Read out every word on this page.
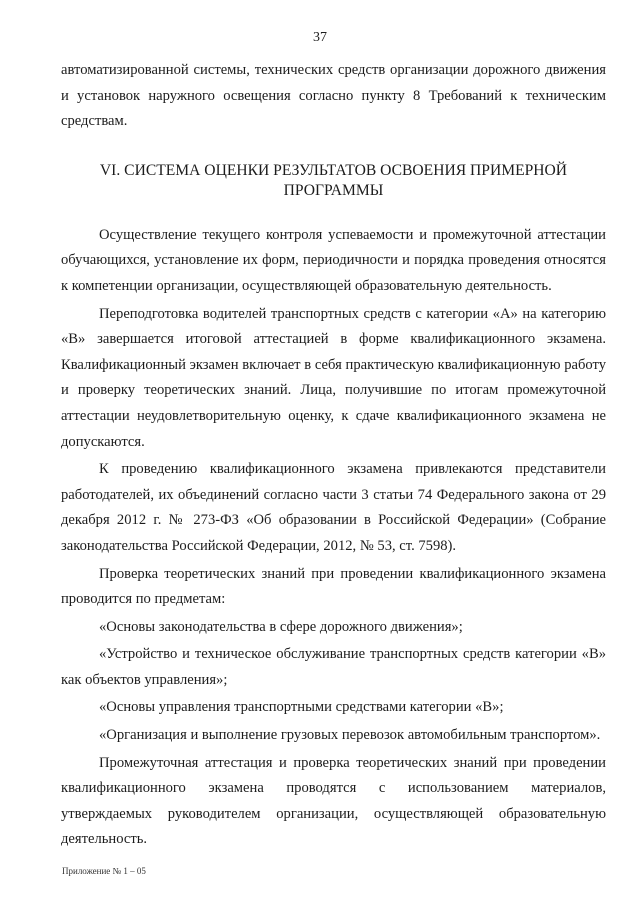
37

автоматизированной системы, технических средств организации дорожного движения и установок наружного освещения согласно пункту 8 Требований к техническим средствам.

VI. СИСТЕМА ОЦЕНКИ РЕЗУЛЬТАТОВ ОСВОЕНИЯ ПРИМЕРНОЙ ПРОГРАММЫ

Осуществление текущего контроля успеваемости и промежуточной аттестации обучающихся, установление их форм, периодичности и порядка проведения относятся к компетенции организации, осуществляющей образовательную деятельность.

Переподготовка водителей транспортных средств с категории «А» на категорию «В» завершается итоговой аттестацией в форме квалификационного экзамена. Квалификационный экзамен включает в себя практическую квалификационную работу и проверку теоретических знаний. Лица, получившие по итогам промежуточной аттестации неудовлетворительную оценку, к сдаче квалификационного экзамена не допускаются.

К проведению квалификационного экзамена привлекаются представители работодателей, их объединений согласно части 3 статьи 74 Федерального закона от 29 декабря 2012 г. № 273-ФЗ «Об образовании в Российской Федерации» (Собрание законодательства Российской Федерации, 2012, № 53, ст. 7598).

Проверка теоретических знаний при проведении квалификационного экзамена проводится по предметам:

«Основы законодательства в сфере дорожного движения»;

«Устройство и техническое обслуживание транспортных средств категории «В» как объектов управления»;

«Основы управления транспортными средствами категории «В»;

«Организация и выполнение грузовых перевозок автомобильным транспортом».

Промежуточная аттестация и проверка теоретических знаний при проведении квалификационного экзамена проводятся с использованием материалов, утверждаемых руководителем организации, осуществляющей образовательную деятельность.

Приложение № 1 – 05
